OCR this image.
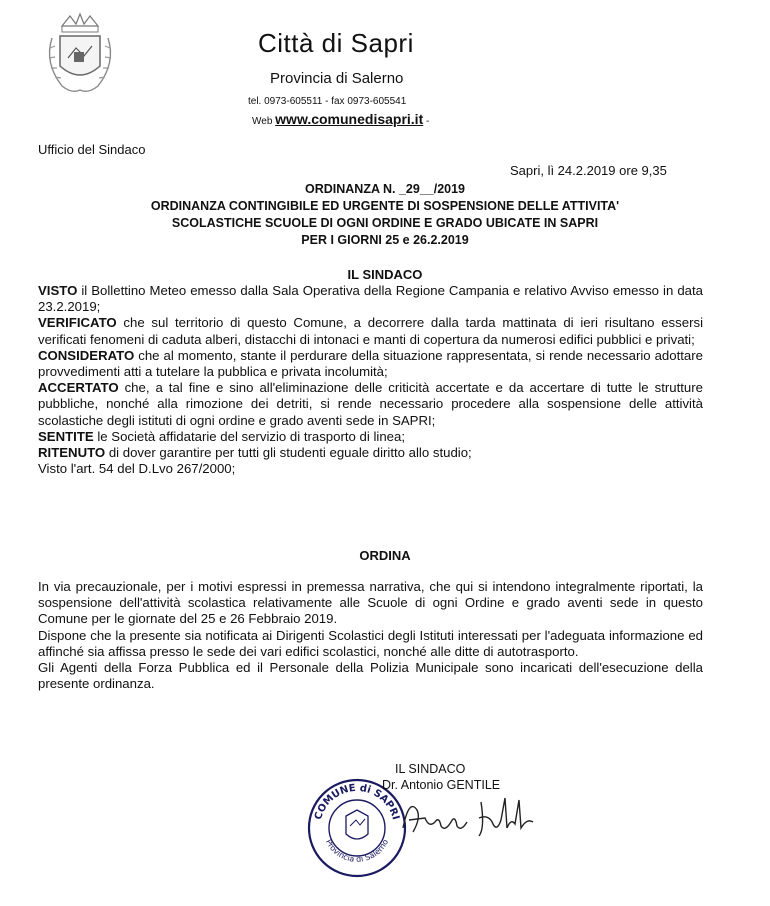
Città di Sapri
Provincia di Salerno
tel. 0973-605511 - fax 0973-605541
Web www.comunedisapri.it -
Ufficio del Sindaco
Sapri, lì 24.2.2019 ore 9,35
ORDINANZA N. _29__/2019
ORDINANZA CONTINGIBILE ED URGENTE DI SOSPENSIONE DELLE ATTIVITA'
SCOLASTICHE SCUOLE DI OGNI ORDINE E GRADO UBICATE IN SAPRI
PER I GIORNI 25 e 26.2.2019
IL SINDACO

VISTO il Bollettino Meteo emesso dalla Sala Operativa della Regione Campania e relativo Avviso emesso in data 23.2.2019;

VERIFICATO che sul territorio di questo Comune, a decorrere dalla tarda mattinata di ieri risultano essersi verificati fenomeni di caduta alberi, distacchi di intonaci e manti di copertura da numerosi edifici pubblici e privati;

CONSIDERATO che al momento, stante il perdurare della situazione rappresentata, si rende necessario adottare provvedimenti atti a tutelare la pubblica e privata incolumità;

ACCERTATO che, a tal fine e sino all'eliminazione delle criticità accertate e da accertare di tutte le strutture pubbliche, nonché alla rimozione dei detriti, si rende necessario procedere alla sospensione delle attività scolastiche degli istituti di ogni ordine e grado aventi sede in SAPRI;

SENTITE le Società affidatarie del servizio di trasporto di linea;

RITENUTO di dover garantire per tutti gli studenti eguale diritto allo studio;

Visto l'art. 54 del D.Lvo 267/2000;

ORDINA

In via precauzionale, per i motivi espressi in premessa narrativa, che qui si intendono integralmente riportati, la sospensione dell'attività scolastica relativamente alle Scuole di ogni Ordine e grado aventi sede in questo Comune per le giornate del 25 e 26 Febbraio 2019.

Dispone che la presente sia notificata ai Dirigenti Scolastici degli Istituti interessati per l'adeguata informazione ed affinché sia affissa presso le sede dei vari edifici scolastici, nonché alle ditte di autotrasporto.

Gli Agenti della Forza Pubblica ed il Personale della Polizia Municipale sono incaricati dell'esecuzione della presente ordinanza.

COMUNE di SAPRI
Provincia di Salerno
IL SINDACO
Dr. Antonio GENTILE
